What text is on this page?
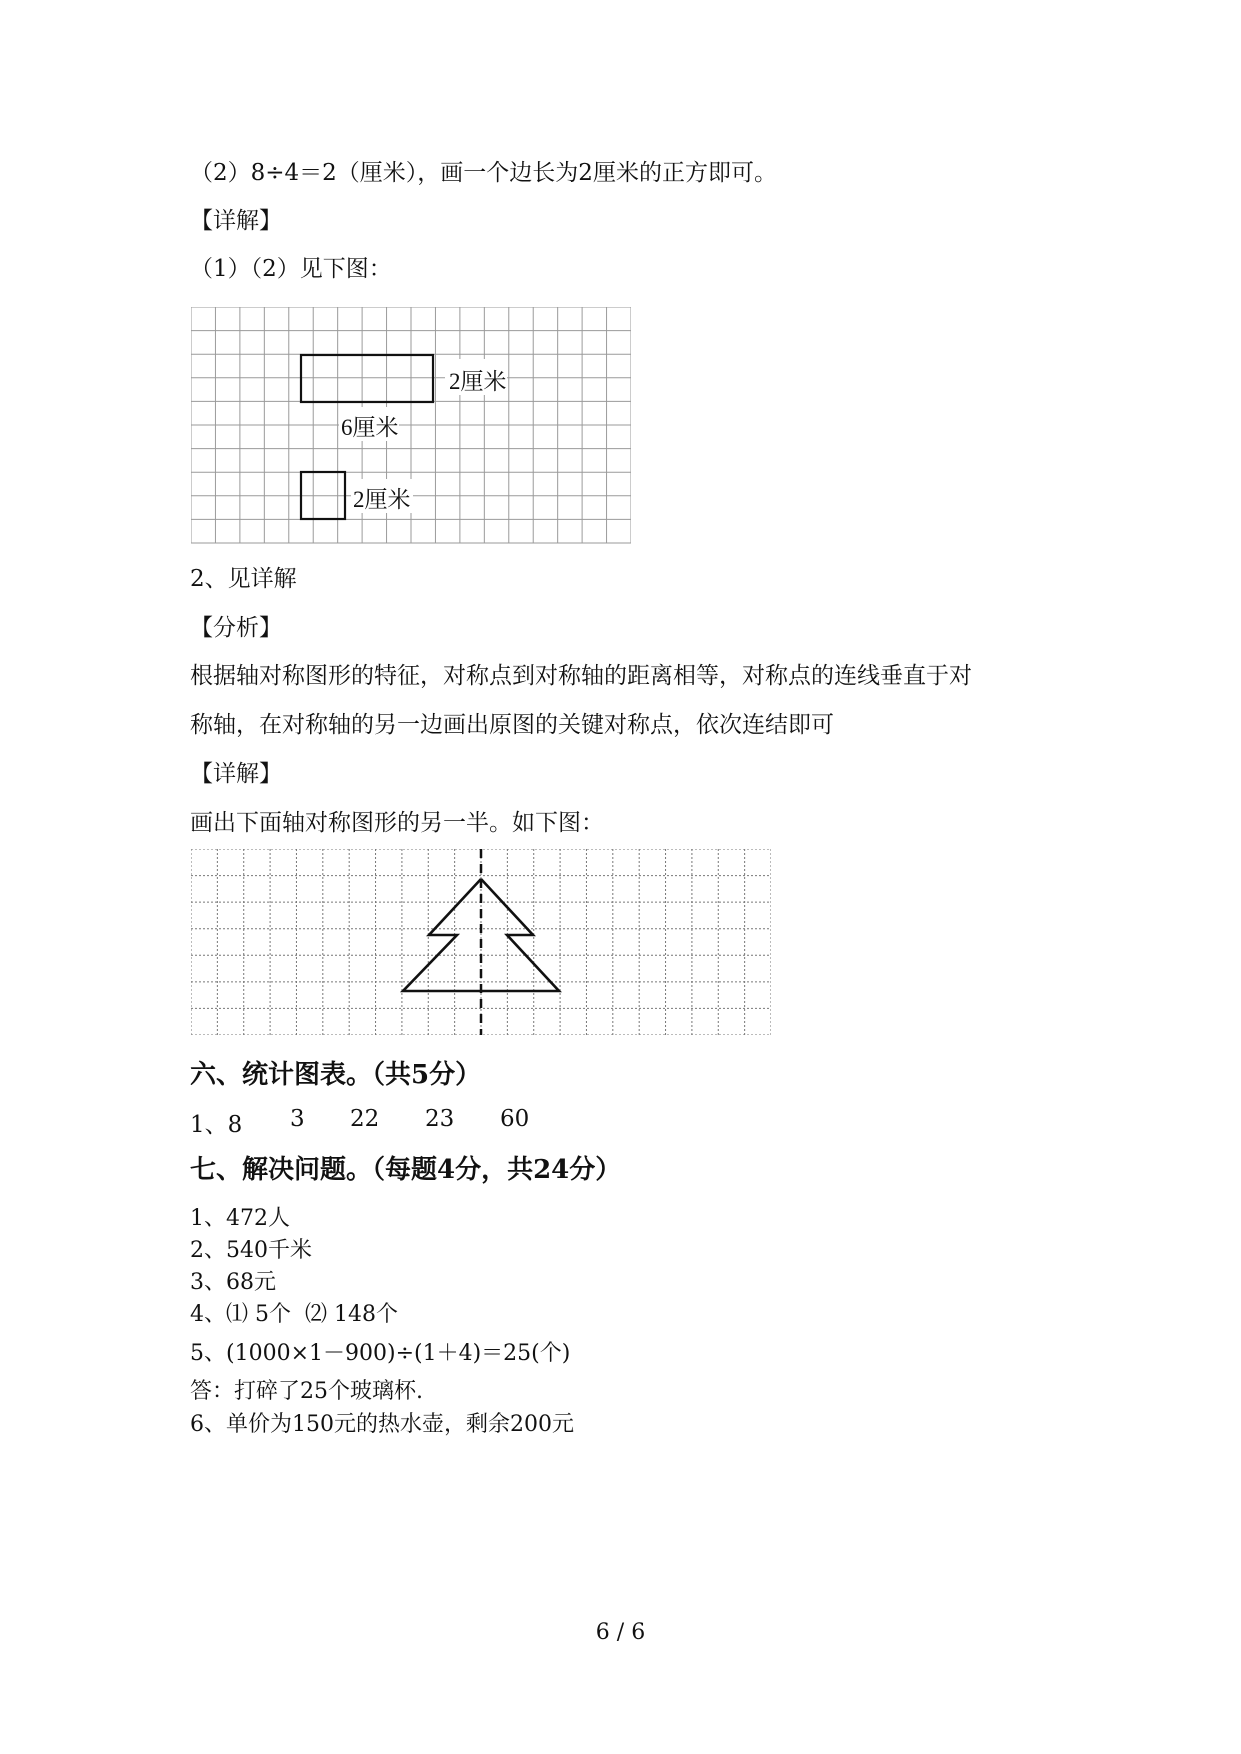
（2）8÷4＝2（厘米），画一个边长为2厘米的正方即可。
【详解】
（1）（2）见下图：
2厘米
6厘米
2厘米
2、见详解
【分析】
根据轴对称图形的特征，对称点到对称轴的距离相等，对称点的连线垂直于对
称轴，在对称轴的另一边画出原图的关键对称点，依次连结即可
【详解】
画出下面轴对称图形的另一半。如下图：
六、统计图表。（共5分）
1、8 3 22 23 60
七、解决问题。（每题4分，共24分）
1、472人
2、540千米
3、68元
4、⑴ 5个  ⑵ 148个
5、(1000×1－900)÷(1＋4)＝25(个)
答：打碎了25个玻璃杯.
6、单价为150元的热水壶，剩余200元
6 / 6
